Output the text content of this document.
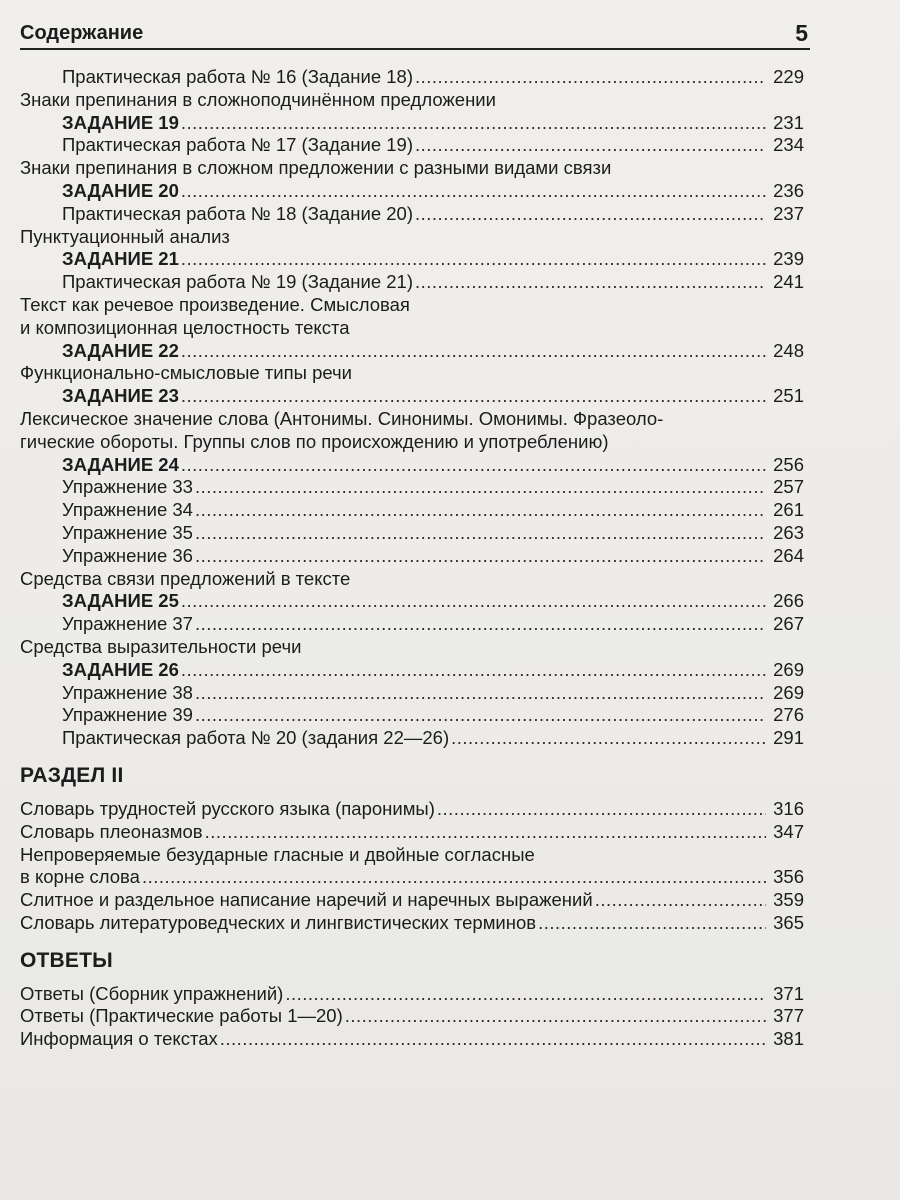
Содержание	5
Практическая работа № 16 (Задание 18) .....	229
Знаки препинания в сложноподчинённом предложении
ЗАДАНИЕ 19 .....	231
Практическая работа № 17 (Задание 19) .....	234
Знаки препинания в сложном предложении с разными видами связи
ЗАДАНИЕ 20 .....	236
Практическая работа № 18 (Задание 20) .....	237
Пунктуационный анализ
ЗАДАНИЕ 21 .....	239
Практическая работа № 19 (Задание 21) .....	241
Текст как речевое произведение. Смысловая
и композиционная целостность текста
ЗАДАНИЕ 22 .....	248
Функционально-смысловые типы речи
ЗАДАНИЕ 23 .....	251
Лексическое значение слова (Антонимы. Синонимы. Омонимы. Фразеоло-
гические обороты. Группы слов по происхождению и употреблению)
ЗАДАНИЕ 24 .....	256
Упражнение 33 .....	257
Упражнение 34 .....	261
Упражнение 35 .....	263
Упражнение 36 .....	264
Средства связи предложений в тексте
ЗАДАНИЕ 25 .....	266
Упражнение 37 .....	267
Средства выразительности речи
ЗАДАНИЕ 26 .....	269
Упражнение 38 .....	269
Упражнение 39 .....	276
Практическая работа № 20 (задания 22—26) .....	291
РАЗДЕЛ II
Словарь трудностей русского языка (паронимы) .....	316
Словарь плеоназмов .....	347
Непроверяемые безударные гласные и двойные согласные
в корне слова .....	356
Слитное и раздельное написание наречий и наречных выражений .....	359
Словарь литературоведческих и лингвистических терминов .....	365
ОТВЕТЫ
Ответы (Сборник упражнений) .....	371
Ответы (Практические работы 1—20) .....	377
Информация о текстах .....	381
